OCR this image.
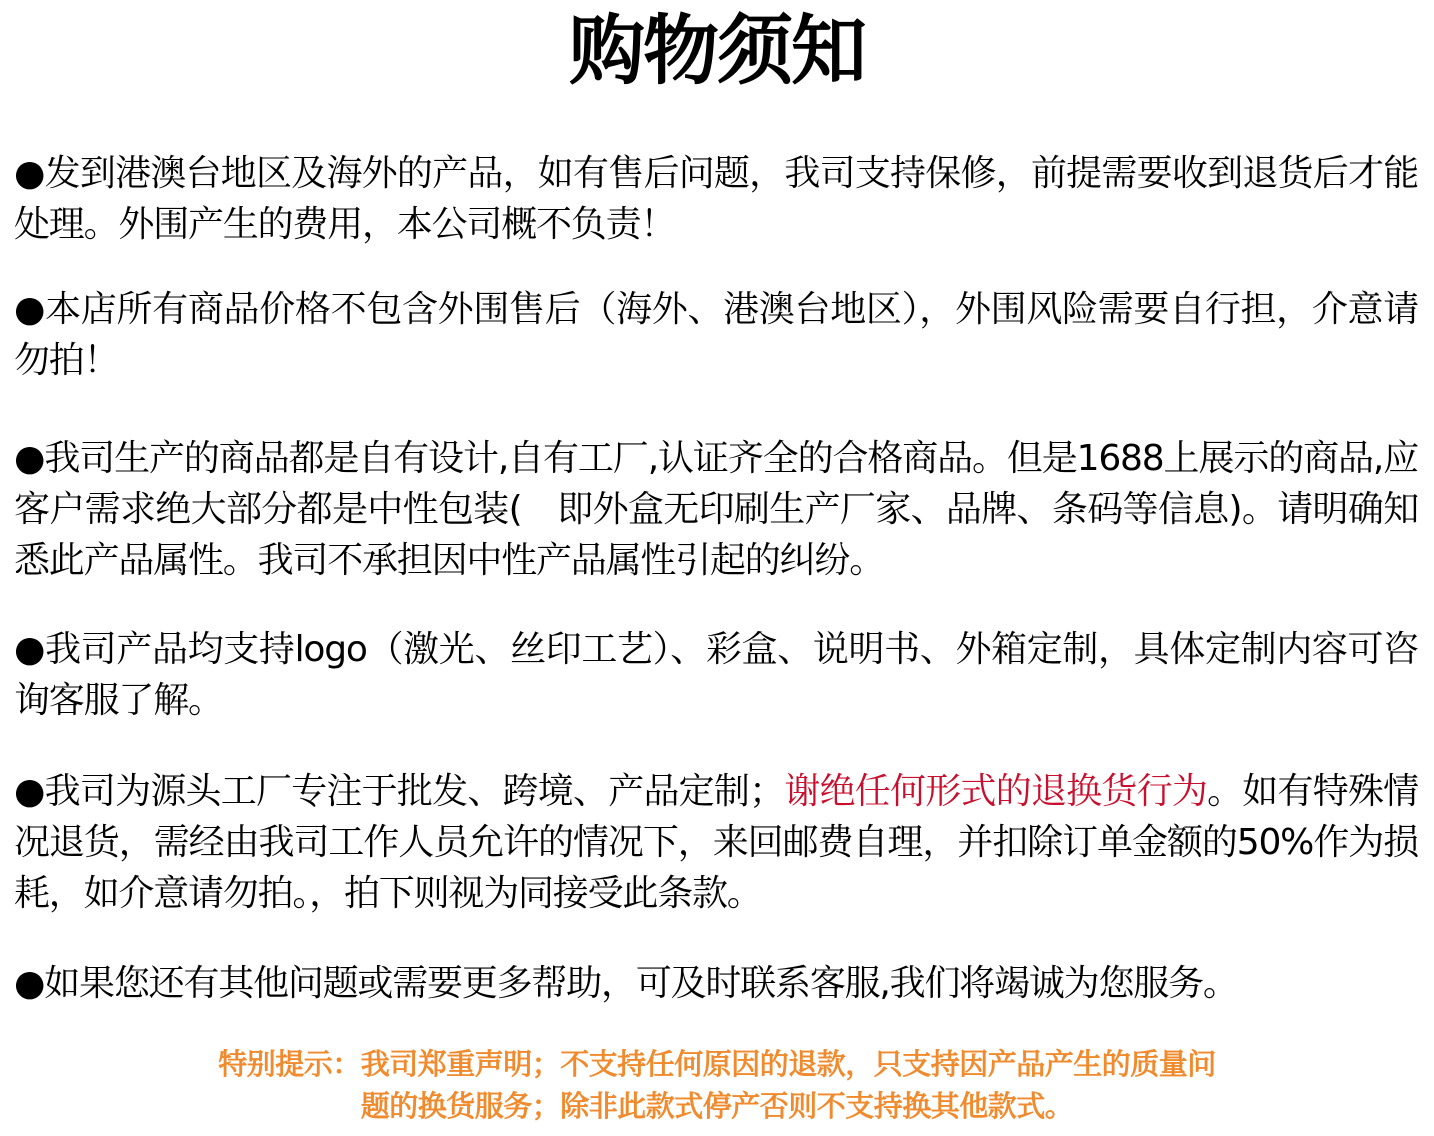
购物须知

●发到港澳台地区及海外的产品，如有售后问题，我司支持保修，前提需要收到退货后才能处理。外围产生的费用，本公司概不负责！

●本店所有商品价格不包含外围售后（海外、港澳台地区），外围风险需要自行担，介意请勿拍！

●我司生产的商品都是自有设计,自有工厂,认证齐全的合格商品。但是1688上展示的商品,应客户需求绝大部分都是中性包装(　即外盒无印刷生产厂家、品牌、条码等信息)。请明确知悉此产品属性。我司不承担因中性产品属性引起的纠纷。

●我司产品均支持logo（激光、丝印工艺）、彩盒、说明书、外箱定制，具体定制内容可咨询客服了解。

●我司为源头工厂专注于批发、跨境、产品定制；谢绝任何形式的退换货行为。如有特殊情况退货，需经由我司工作人员允许的情况下，来回邮费自理，并扣除订单金额的50%作为损耗，如介意请勿拍。，拍下则视为同接受此条款。

●如果您还有其他问题或需要更多帮助，可及时联系客服,我们将竭诚为您服务。

特别提示：我司郑重声明；不支持任何原因的退款，只支持因产品产生的质量问
题的换货服务；除非此款式停产否则不支持换其他款式。
